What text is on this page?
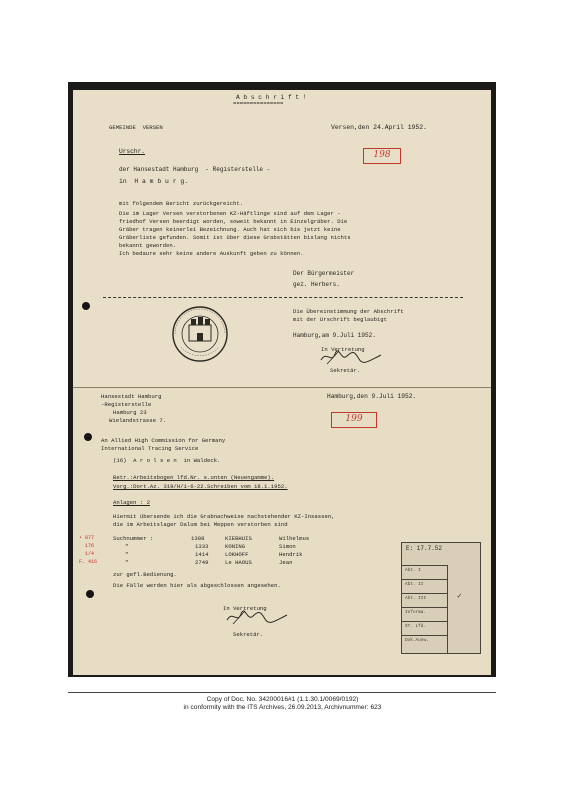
A b s c h r i f t !
===============
GEMEINDE  VERSEN	Versen,den 24.April 1952.
Urschr.	198
der Hansestadt Hamburg  - Registerstelle -
in  H a m b u r g.
mit folgendem Bericht zurückgereicht.
Die im Lager Versen verstorbenen KZ-Häftlinge sind auf dem Lager -
friedhof Versen beerdigt worden, soweit bekannt in Einzelgräber. Die
Gräber tragen keinerlei Bezeichnung. Auch hat sich bis jetzt keine
Gräberliste gefunden. Somit ist über diese Grabstätten bislang nichts
bekannt geworden.
Ich bedaure sehr keine andere Auskunft geben zu können.
Der Bürgermeister
gez. Herbers.
Die Übereinstimmung der Abschrift
mit der Urschrift beglaubigt
Hamburg,am 9.Juli 1952.
In Vertretung
Sekretär.
Hansestadt Hamburg
-Registerstelle
Hamburg 23
Wielandstrasse 7.
Hamburg,den 9.Juli 1952.
199
An Allied High Commission for Germany
International Tracing Service
(16)  A r o l s e n  in Waldeck.
Betr.:Arbeitsbogen lfd.Nr. s.unten (Neuengamme).
Vorg.:Dort.Az. 319/H/1-6-22.Schreiben vom 18.1.1952.
Anlagen : 2
Hiermit übersende ich die Grabnachweise nachstehender KZ-Insassen,
die im Arbeitslager Dalum bei Meppen verstorben sind
Suchnummer :	1308	KIEBHUIS	Wilhelmus
"	1333	KONING	Simon
"	1414	LOKHOFF	Hendrik
"	2749	Le HAOUS	Jean
• 877
176
1/4
F. 416
zur gefl.Bedienung.
Die Fälle werden hier als abgeschlossen angesehen.
In Vertretung
Sekretär.
E: 17.7.52
Abt. I
Abt. II
Abt. III
Informa.
ST. Lfd.
Dok.Ausw.
✓
Copy of Doc. No. 34200016#1 (1.1.30.1/0069/0192)
in conformity with the ITS Archives, 26.09.2013, Archivnummer: 623
